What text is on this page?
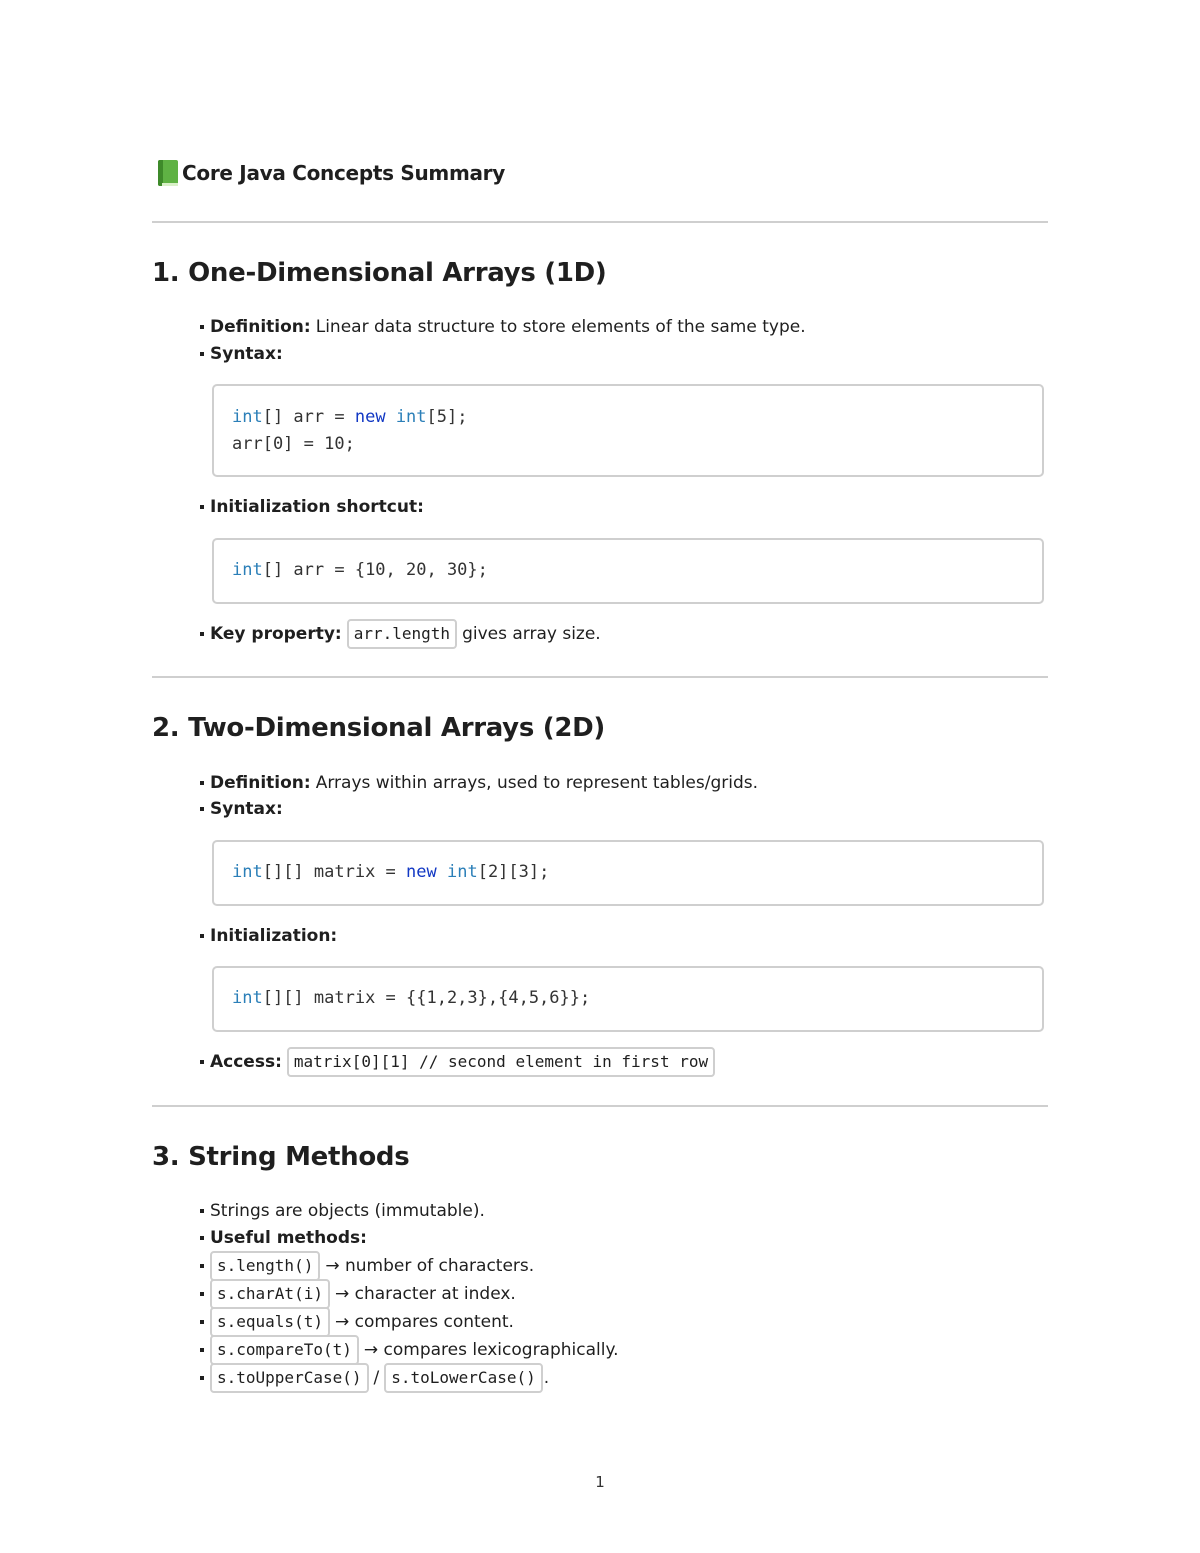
Core Java Concepts Summary
1. One-Dimensional Arrays (1D)
Definition: Linear data structure to store elements of the same type.
Syntax:
int[] arr = new int[5];
arr[0] = 10;
Initialization shortcut:
int[] arr = {10, 20, 30};
Key property: arr.length gives array size.
2. Two-Dimensional Arrays (2D)
Definition: Arrays within arrays, used to represent tables/grids.
Syntax:
int[][] matrix = new int[2][3];
Initialization:
int[][] matrix = {{1,2,3},{4,5,6}};
Access: matrix[0][1] // second element in first row
3. String Methods
Strings are objects (immutable).
Useful methods:
s.length() → number of characters.
s.charAt(i) → character at index.
s.equals(t) → compares content.
s.compareTo(t) → compares lexicographically.
s.toUpperCase() / s.toLowerCase() .
1
